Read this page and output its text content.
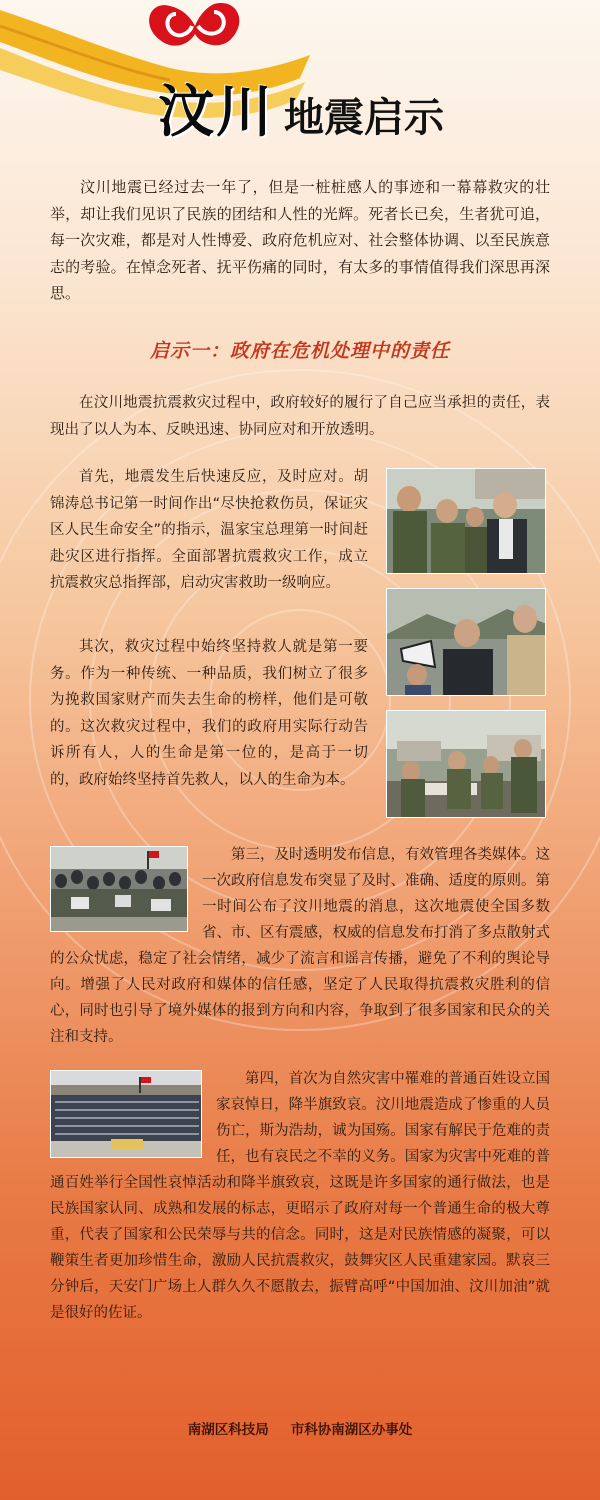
汶川 地震启示

汶川地震已经过去一年了，但是一桩桩感人的事迹和一幕幕救灾的壮举，却让我们见识了民族的团结和人性的光辉。死者长已矣，生者犹可追，每一次灾难，都是对人性博爱、政府危机应对、社会整体协调、以至民族意志的考验。在悼念死者、抚平伤痛的同时，有太多的事情值得我们深思再深思。

启示一：政府在危机处理中的责任

在汶川地震抗震救灾过程中，政府较好的履行了自己应当承担的责任，表现出了以人为本、反映迅速、协同应对和开放透明。

首先，地震发生后快速反应，及时应对。胡锦涛总书记第一时间作出“尽快抢救伤员，保证灾区人民生命安全”的指示，温家宝总理第一时间赶赴灾区进行指挥。全面部署抗震救灾工作，成立抗震救灾总指挥部，启动灾害救助一级响应。

其次，救灾过程中始终坚持救人就是第一要务。作为一种传统、一种品质，我们树立了很多为挽救国家财产而失去生命的榜样，他们是可敬的。这次救灾过程中，我们的政府用实际行动告诉所有人，人的生命是第一位的，是高于一切的，政府始终坚持首先救人，以人的生命为本。

第三，及时透明发布信息，有效管理各类媒体。这一次政府信息发布突显了及时、准确、适度的原则。第一时间公布了汶川地震的消息，这次地震使全国多数省、市、区有震感，权威的信息发布打消了多点散射式的公众忧虑，稳定了社会情绪，减少了流言和谣言传播，避免了不利的舆论导向。增强了人民对政府和媒体的信任感，坚定了人民取得抗震救灾胜利的信心，同时也引导了境外媒体的报到方向和内容，争取到了很多国家和民众的关注和支持。

第四，首次为自然灾害中罹难的普通百姓设立国家哀悼日，降半旗致哀。汶川地震造成了惨重的人员伤亡，斯为浩劫，诚为国殇。国家有解民于危难的责任，也有哀民之不幸的义务。国家为灾害中死难的普通百姓举行全国性哀悼活动和降半旗致哀，这既是许多国家的通行做法，也是民族国家认同、成熟和发展的标志，更昭示了政府对每一个普通生命的极大尊重，代表了国家和公民荣辱与共的信念。同时，这是对民族情感的凝聚，可以鞭策生者更加珍惜生命，激励人民抗震救灾，鼓舞灾区人民重建家园。默哀三分钟后，天安门广场上人群久久不愿散去，振臂高呼“中国加油、汶川加油”就是很好的佐证。

南湖区科技局 市科协南湖区办事处
